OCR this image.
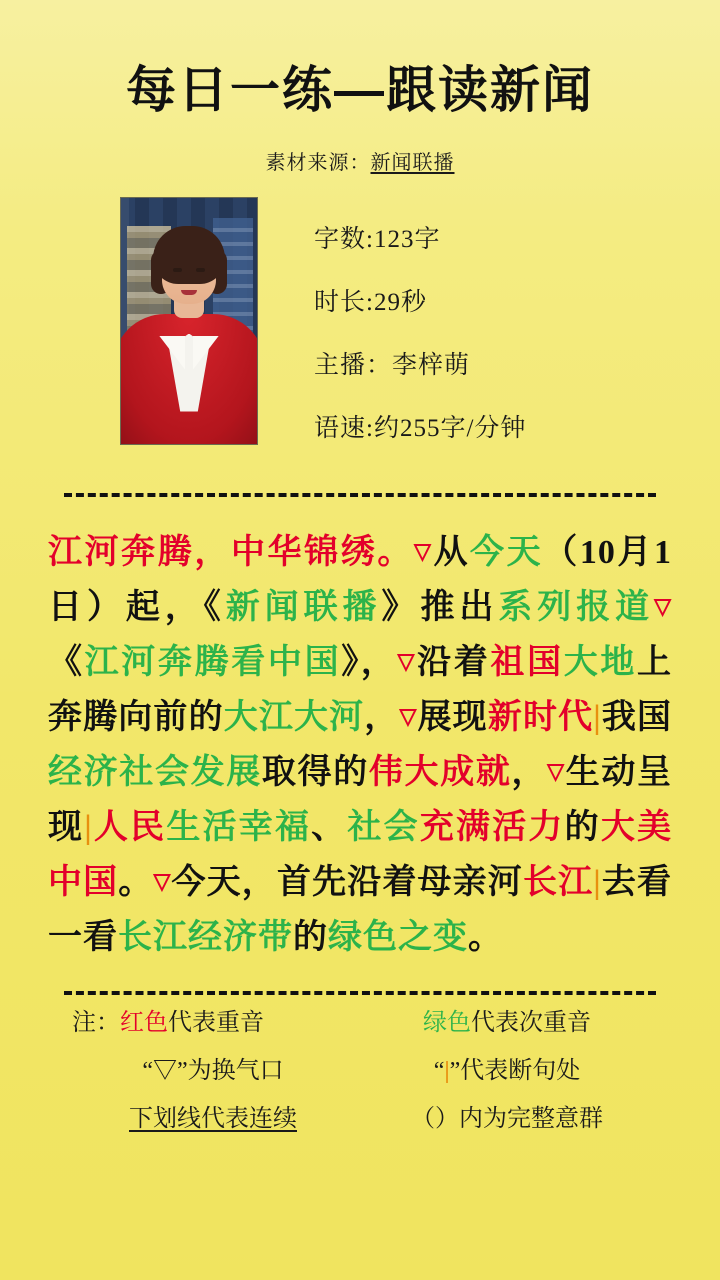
每日一练—跟读新闻
素材来源：新闻联播
字数:123字
时长:29秒
主播：李梓萌
语速:约255字/分钟
江河奔腾，中华锦绣。▽从今天（10月1日）起，《新闻联播》推出系列报道▽《江河奔腾看中国》，▽沿着祖国大地上奔腾向前的大江大河，▽展现新时代|我国经济社会发展取得的伟大成就，▽生动呈现|人民生活幸福、社会充满活力的大美中国。▽今天，首先沿着母亲河长江|去看一看长江经济带的绿色之变。
注：红色代表重音	绿色代表次重音
“▽”为换气口	“|”代表断句处
下划线代表连续	（）内为完整意群
